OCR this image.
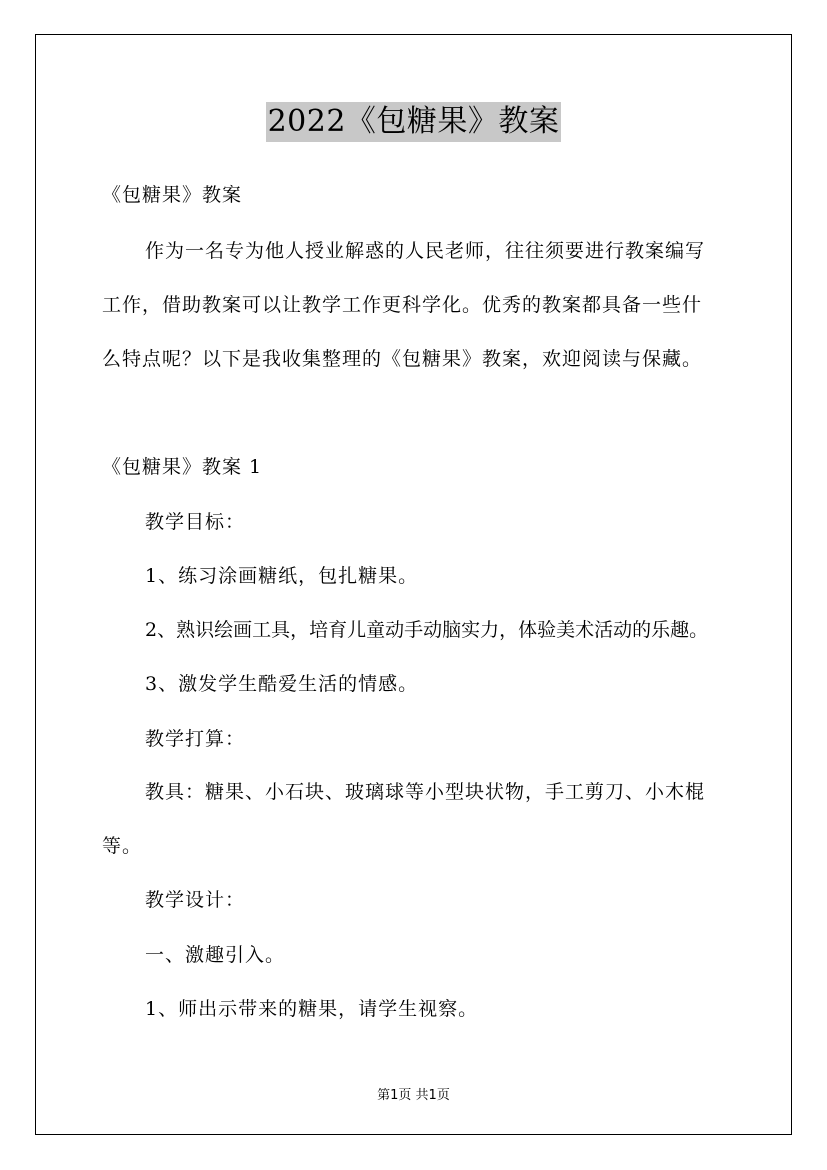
2022《包糖果》教案
《包糖果》教案
作为一名专为他人授业解惑的人民老师，往往须要进行教案编写
工作，借助教案可以让教学工作更科学化。优秀的教案都具备一些什
么特点呢？以下是我收集整理的《包糖果》教案，欢迎阅读与保藏。
《包糖果》教案 1
教学目标：
1、练习涂画糖纸，包扎糖果。
2、熟识绘画工具，培育儿童动手动脑实力，体验美术活动的乐趣。
3、激发学生酷爱生活的情感。
教学打算：
教具：糖果、小石块、玻璃球等小型块状物，手工剪刀、小木棍
等。
教学设计：
一、激趣引入。
1、师出示带来的糖果，请学生视察。
第1页 共1页
